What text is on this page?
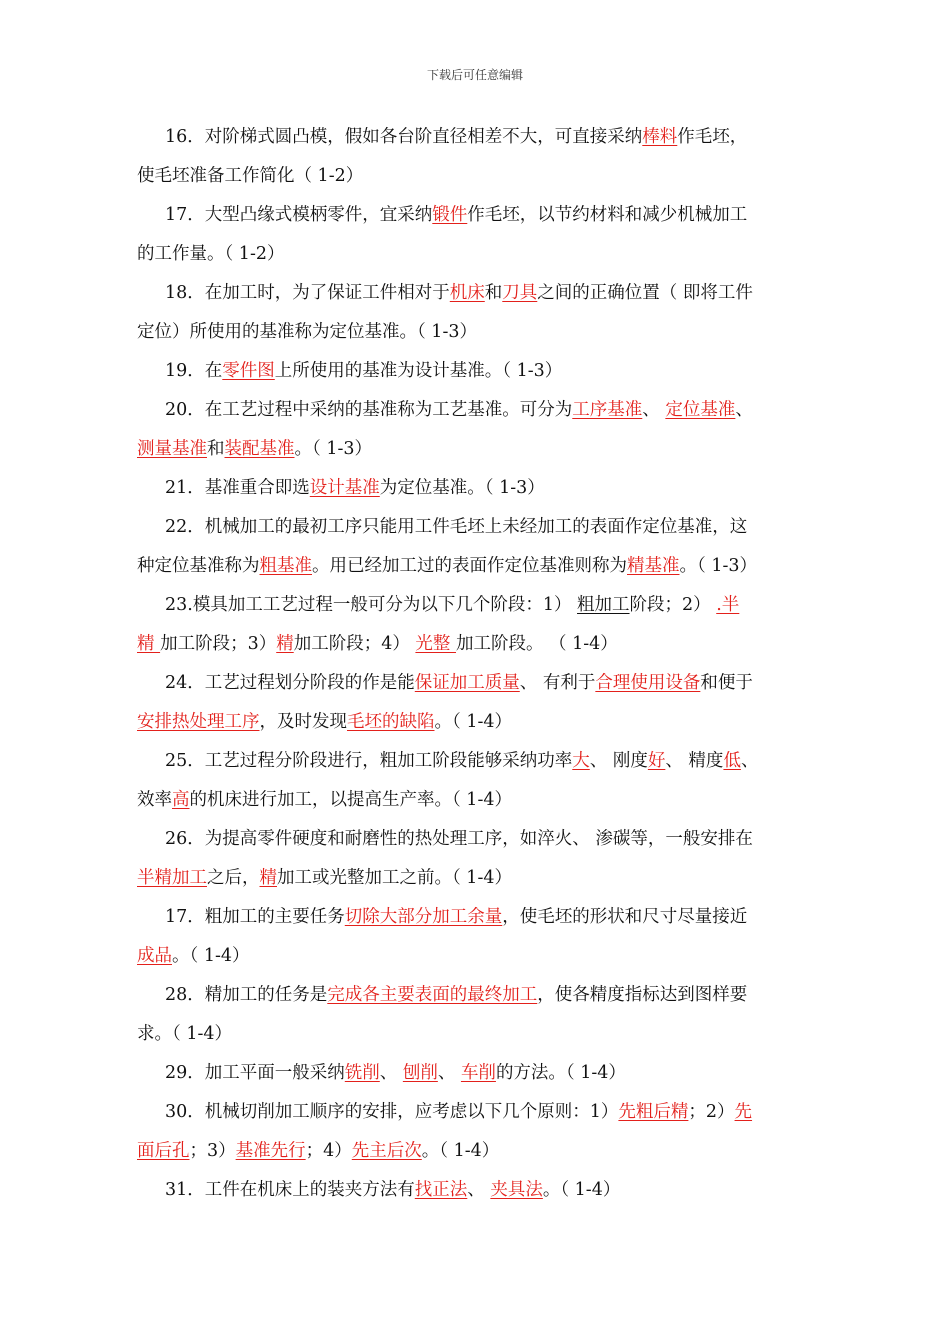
下载后可任意编辑
16．对阶梯式圆凸模，假如各台阶直径相差不大，可直接采纳棒料作毛坯，
使毛坯准备工作简化（ 1-2）
17．大型凸缘式模柄零件，宜采纳锻件作毛坯，以节约材料和减少机械加工
的工作量。（ 1-2）
18．在加工时，为了保证工件相对于机床和刀具之间的正确位置（ 即将工件
定位）所使用的基准称为定位基准。（ 1-3）
19．在零件图上所使用的基准为设计基准。（ 1-3）
20．在工艺过程中采纳的基准称为工艺基准。可分为工序基准、 定位基准、
测量基准和装配基准。（ 1-3）
21．基准重合即选设计基准为定位基准。（ 1-3）
22．机械加工的最初工序只能用工件毛坯上未经加工的表面作定位基准，这
种定位基准称为粗基准。用已经加工过的表面作定位基准则称为精基准。（ 1-3）
23.模具加工工艺过程一般可分为以下几个阶段：1） 粗加工阶段；2） .半
精 加工阶段；3）精加工阶段；4） 光整 加工阶段。 （ 1-4）
24．工艺过程划分阶段的作是能保证加工质量、 有利于合理使用设备和便于
安排热处理工序，及时发现毛坯的缺陷。（ 1-4）
25．工艺过程分阶段进行，粗加工阶段能够采纳功率大、 刚度好、 精度低、
效率高的机床进行加工，以提高生产率。（ 1-4）
26．为提高零件硬度和耐磨性的热处理工序，如淬火、 渗碳等，一般安排在
半精加工之后，精加工或光整加工之前。（ 1-4）
17．粗加工的主要任务切除大部分加工余量，使毛坯的形状和尺寸尽量接近
成品。（ 1-4）
28．精加工的任务是完成各主要表面的最终加工，使各精度指标达到图样要
求。（ 1-4）
29．加工平面一般采纳铣削、 刨削、 车削的方法。（ 1-4）
30．机械切削加工顺序的安排，应考虑以下几个原则：1）先粗后精；2）先
面后孔；3）基准先行；4）先主后次。（ 1-4）
31．工件在机床上的装夹方法有找正法、 夹具法。（ 1-4）
